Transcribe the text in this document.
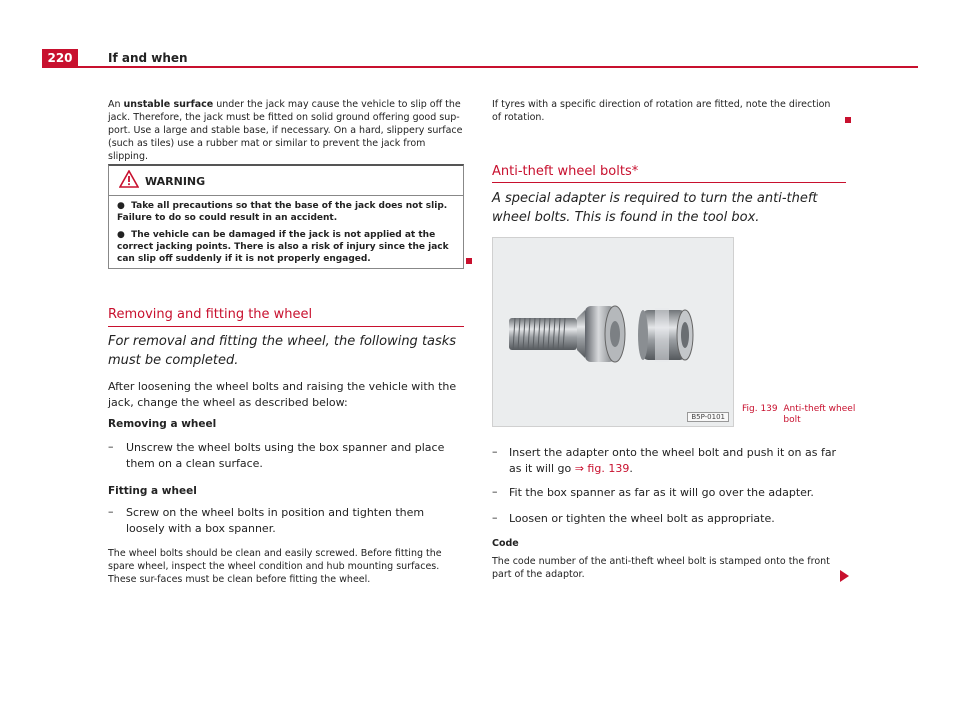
220	If and when
An unstable surface under the jack may cause the vehicle to slip off the jack. Therefore, the jack must be fitted on solid ground offering good sup-port. Use a large and stable base, if necessary. On a hard, slippery surface (such as tiles) use a rubber mat or similar to prevent the jack from slipping.
WARNING
● Take all precautions so that the base of the jack does not slip. Failure to do so could result in an accident.
● The vehicle can be damaged if the jack is not applied at the correct jacking points. There is also a risk of injury since the jack can slip off suddenly if it is not properly engaged.
Removing and fitting the wheel
For removal and fitting the wheel, the following tasks must be completed.
After loosening the wheel bolts and raising the vehicle with the jack, change the wheel as described below:
Removing a wheel
– Unscrew the wheel bolts using the box spanner and place them on a clean surface.
Fitting a wheel
– Screw on the wheel bolts in position and tighten them loosely with a box spanner.
The wheel bolts should be clean and easily screwed. Before fitting the spare wheel, inspect the wheel condition and hub mounting surfaces. These sur-faces must be clean before fitting the wheel.
If tyres with a specific direction of rotation are fitted, note the direction of rotation.
Anti-theft wheel bolts*
A special adapter is required to turn the anti-theft wheel bolts. This is found in the tool box.
B5P-0101
Fig. 139 Anti-theft wheel bolt
– Insert the adapter onto the wheel bolt and push it on as far as it will go ⇒ fig. 139.
– Fit the box spanner as far as it will go over the adapter.
– Loosen or tighten the wheel bolt as appropriate.
Code
The code number of the anti-theft wheel bolt is stamped onto the front part of the adaptor.
